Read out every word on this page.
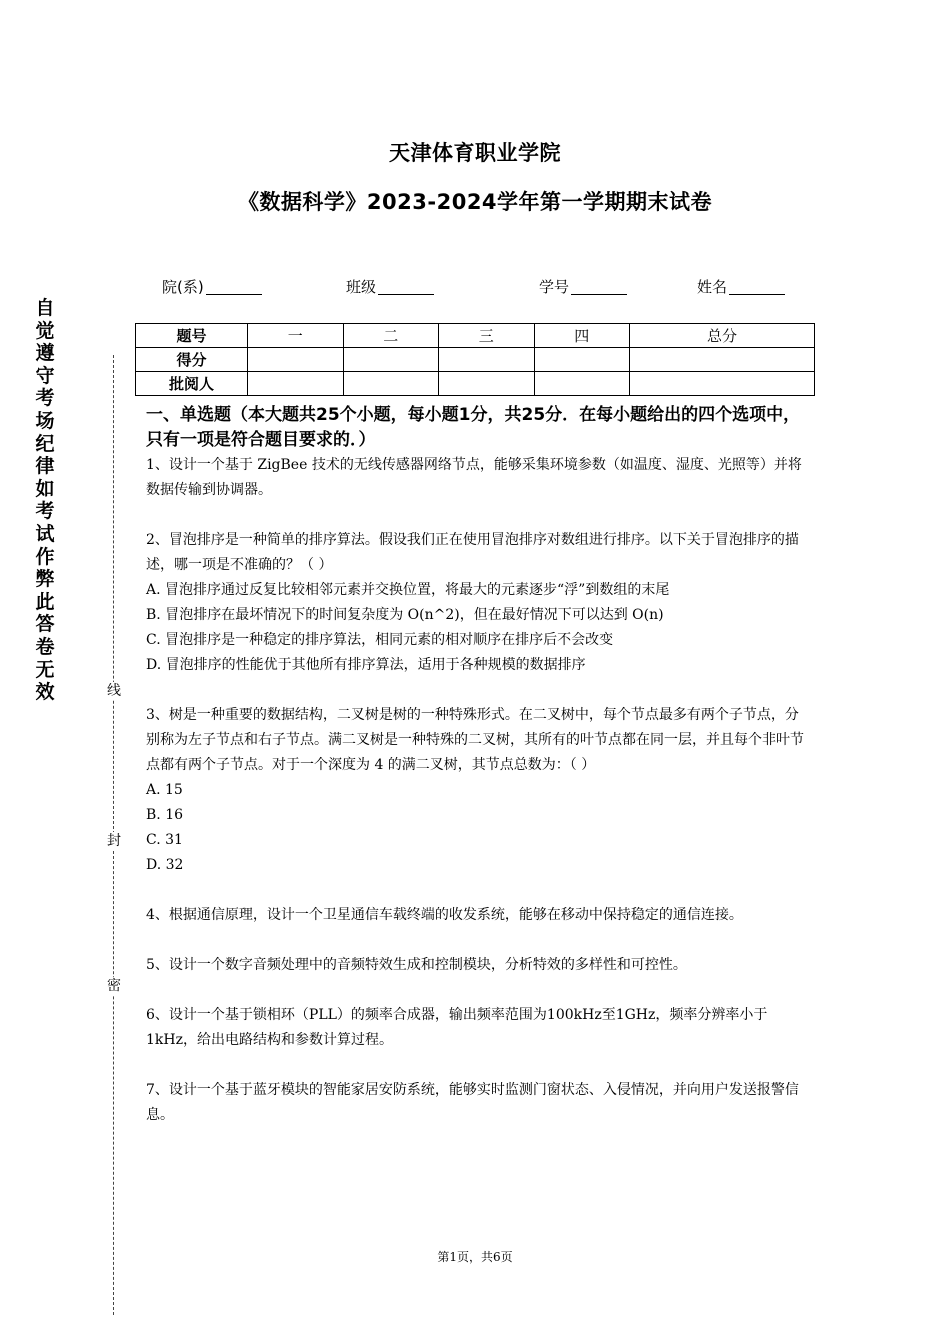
天津体育职业学院
《数据科学》2023-2024学年第一学期期末试卷
院(系)	班级	学号	姓名
题号	一	二	三	四	总分
得分					
批阅人					
自觉遵守考场纪律如考试作弊此答卷无效	线
封
密
一、单选题（本大题共25个小题，每小题1分，共25分．在每小题给出的四个选项中，只有一项是符合题目要求的．）

1、设计一个基于 ZigBee 技术的无线传感器网络节点，能够采集环境参数（如温度、湿度、光照等）并将数据传输到协调器。

2、冒泡排序是一种简单的排序算法。假设我们正在使用冒泡排序对数组进行排序。以下关于冒泡排序的描述，哪一项是不准确的？（ ）

A. 冒泡排序通过反复比较相邻元素并交换位置，将最大的元素逐步“浮”到数组的末尾

B. 冒泡排序在最坏情况下的时间复杂度为 O(n^2)，但在最好情况下可以达到 O(n)

C. 冒泡排序是一种稳定的排序算法，相同元素的相对顺序在排序后不会改变

D. 冒泡排序的性能优于其他所有排序算法，适用于各种规模的数据排序

3、树是一种重要的数据结构，二叉树是树的一种特殊形式。在二叉树中，每个节点最多有两个子节点，分别称为左子节点和右子节点。满二叉树是一种特殊的二叉树，其所有的叶节点都在同一层，并且每个非叶节点都有两个子节点。对于一个深度为 4 的满二叉树，其节点总数为：（ ）

A. 15

B. 16

C. 31

D. 32

4、根据通信原理，设计一个卫星通信车载终端的收发系统，能够在移动中保持稳定的通信连接。

5、设计一个数字音频处理中的音频特效生成和控制模块，分析特效的多样性和可控性。

6、设计一个基于锁相环（PLL）的频率合成器，输出频率范围为100kHz至1GHz，频率分辨率小于1kHz，给出电路结构和参数计算过程。

7、设计一个基于蓝牙模块的智能家居安防系统，能够实时监测门窗状态、入侵情况，并向用户发送报警信息。

第1页，共6页
